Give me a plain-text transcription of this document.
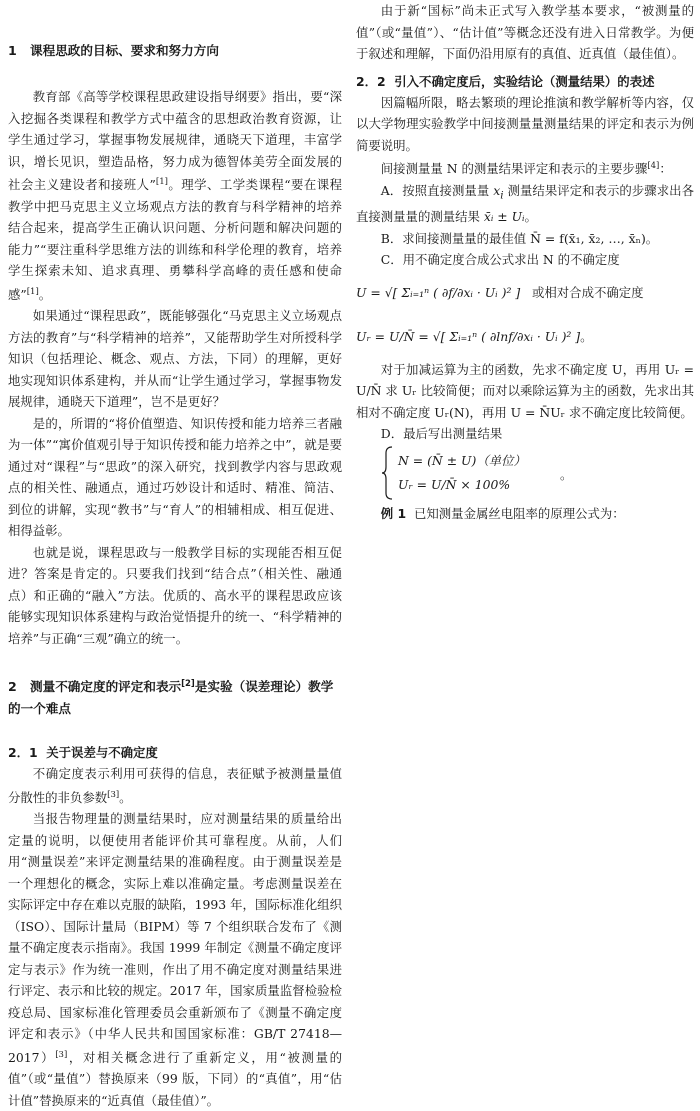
1 课程思政的目标、要求和努力方向

教育部《高等学校课程思政建设指导纲要》指出，要“深入挖掘各类课程和教学方式中蕴含的思想政治教育资源，让学生通过学习，掌握事物发展规律，通晓天下道理，丰富学识，增长见识，塑造品格，努力成为德智体美劳全面发展的社会主义建设者和接班人”[1]。理学、工学类课程“要在课程教学中把马克思主义立场观点方法的教育与科学精神的培养结合起来，提高学生正确认识问题、分析问题和解决问题的能力”“要注重科学思维方法的训练和科学伦理的教育，培养学生探索未知、追求真理、勇攀科学高峰的责任感和使命感”[1]。

如果通过“课程思政”，既能够强化“马克思主义立场观点方法的教育”与“科学精神的培养”，又能帮助学生对所授科学知识（包括理论、概念、观点、方法，下同）的理解，更好地实现知识体系建构，并从而“让学生通过学习，掌握事物发展规律，通晓天下道理”，岂不是更好？

是的，所谓的“将价值塑造、知识传授和能力培养三者融为一体”“寓价值观引导于知识传授和能力培养之中”，就是要通过对“课程”与“思政”的深入研究，找到教学内容与思政观点的相关性、融通点，通过巧妙设计和适时、精准、简洁、到位的讲解，实现“教书”与“育人”的相辅相成、相互促进、相得益彰。

也就是说，课程思政与一般教学目标的实现能否相互促进？答案是肯定的。只要我们找到“结合点”（相关性、融通点）和正确的“融入”方法。优质的、高水平的课程思政应该能够实现知识体系建构与政治觉悟提升的统一、“科学精神的培养”与正确“三观”确立的统一。

2 测量不确定度的评定和表示[2]是实验（误差理论）教学的一个难点
2．1 关于误差与不确定度

不确定度表示利用可获得的信息，表征赋予被测量量值分散性的非负参数[3]。

当报告物理量的测量结果时，应对测量结果的质量给出定量的说明，以便使用者能评价其可靠程度。从前，人们用“测量误差”来评定测量结果的准确程度。由于测量误差是一个理想化的概念，实际上难以准确定量。考虑测量误差在实际评定中存在难以克服的缺陷，1993 年，国际标准化组织（ISO）、国际计量局（BIPM）等 7 个组织联合发布了《测量不确定度表示指南》。我国 1999 年制定《测量不确定度评定与表示》作为统一准则，作出了用不确定度对测量结果进行评定、表示和比较的规定。2017 年，国家质量监督检验检疫总局、国家标准化管理委员会重新颁布了《测量不确定度评定和表示》（中华人民共和国国家标准：GB/T 27418—2017）[3]，对相关概念进行了重新定义，用“被测量的值”（或“量值”）替换原来（99 版，下同）的“真值”，用“估计值”替换原来的“近真值（最佳值）”。

由于新“国标”尚未正式写入教学基本要求，“被测量的值”（或“量值”）、“估计值”等概念还没有进入日常教学。为便于叙述和理解，下面仍沿用原有的真值、近真值（最佳值）。

2．2 引入不确定度后，实验结论（测量结果）的表述

因篇幅所限，略去繁琐的理论推演和教学解析等内容，仅以大学物理实验教学中间接测量量测量结果的评定和表示为例简要说明。

间接测量量 N 的测量结果评定和表示的主要步骤[4]：

A．按照直接测量量 $x_i$ 测量结果评定和表示的步骤求出各直接测量量的测量结果 x̄ᵢ ± Uᵢ。

B．求间接测量量的最佳值 N̄ = f(x̄₁, x̄₂, …, x̄ₙ)。

C．用不确定度合成公式求出 N 的不确定度

U = √[ Σᵢ₌₁ⁿ ( ∂f/∂xᵢ · Uᵢ )² ] 或相对合成不确定度
Uᵣ = U/N̄ = √[ Σᵢ₌₁ⁿ ( ∂lnf/∂xᵢ · Uᵢ )² ]。

对于加减运算为主的函数，先求不确定度 U，再用 Uᵣ = U/N̄ 求 Uᵣ 比较简便；而对以乘除运算为主的函数，先求出其相对不确定度 Uᵣ(N)，再用 U = N̄Uᵣ 求不确定度比较简便。

D．最后写出测量结果

N = (N̄ ± U)（单位）
Uᵣ = U/N̄ × 100%
。

例 1 已知测量金属丝电阻率的原理公式为：
